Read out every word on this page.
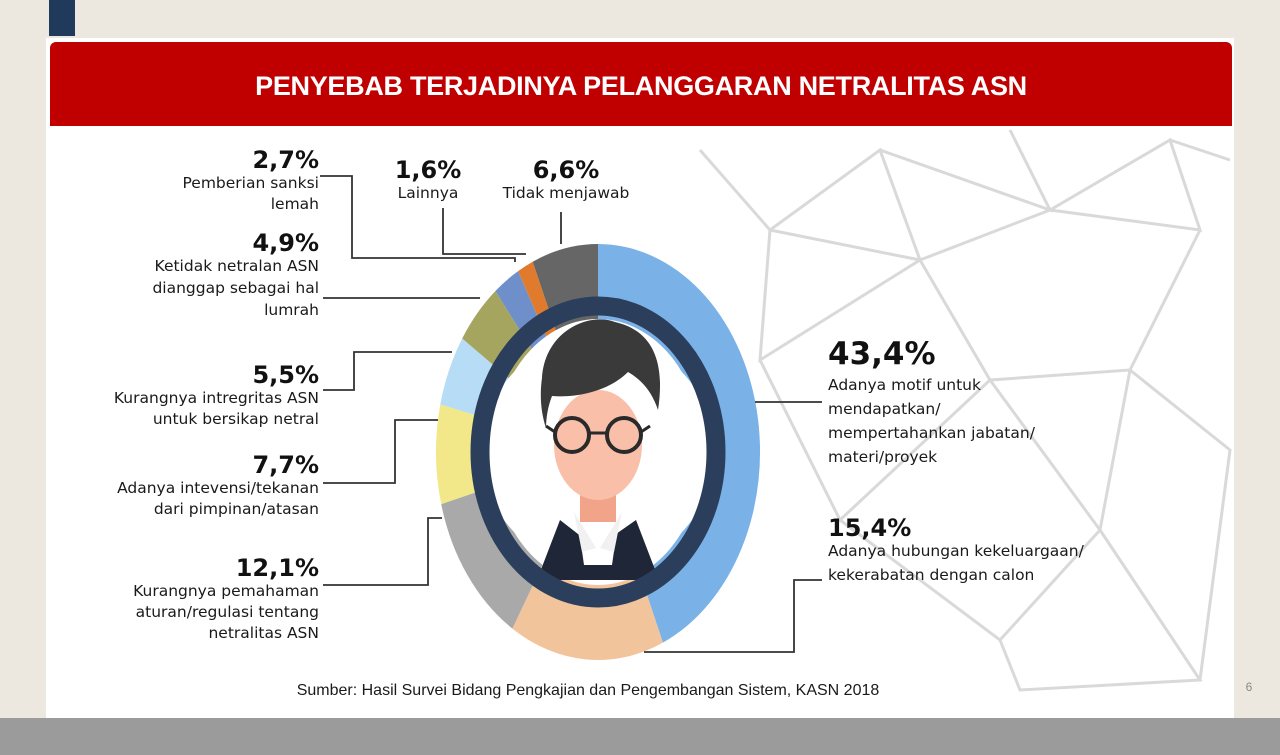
PENYEBAB TERJADINYA PELANGGARAN NETRALITAS ASN
43,4%
Adanya motif untuk
mendapatkan/
mempertahankan jabatan/
materi/proyek
15,4%
Adanya hubungan kekeluargaan/
kekerabatan dengan calon
12,1%
Kurangnya pemahaman
aturan/regulasi tentang
netralitas ASN
7,7%
Adanya intevensi/tekanan
dari pimpinan/atasan
5,5%
Kurangnya intregritas ASN
untuk bersikap netral
4,9%
Ketidak netralan ASN
dianggap sebagai hal
lumrah
2,7%
Pemberian sanksi
lemah
1,6%
Lainnya
6,6%
Tidak menjawab
Sumber: Hasil Survei Bidang Pengkajian dan Pengembangan Sistem, KASN 2018	6
